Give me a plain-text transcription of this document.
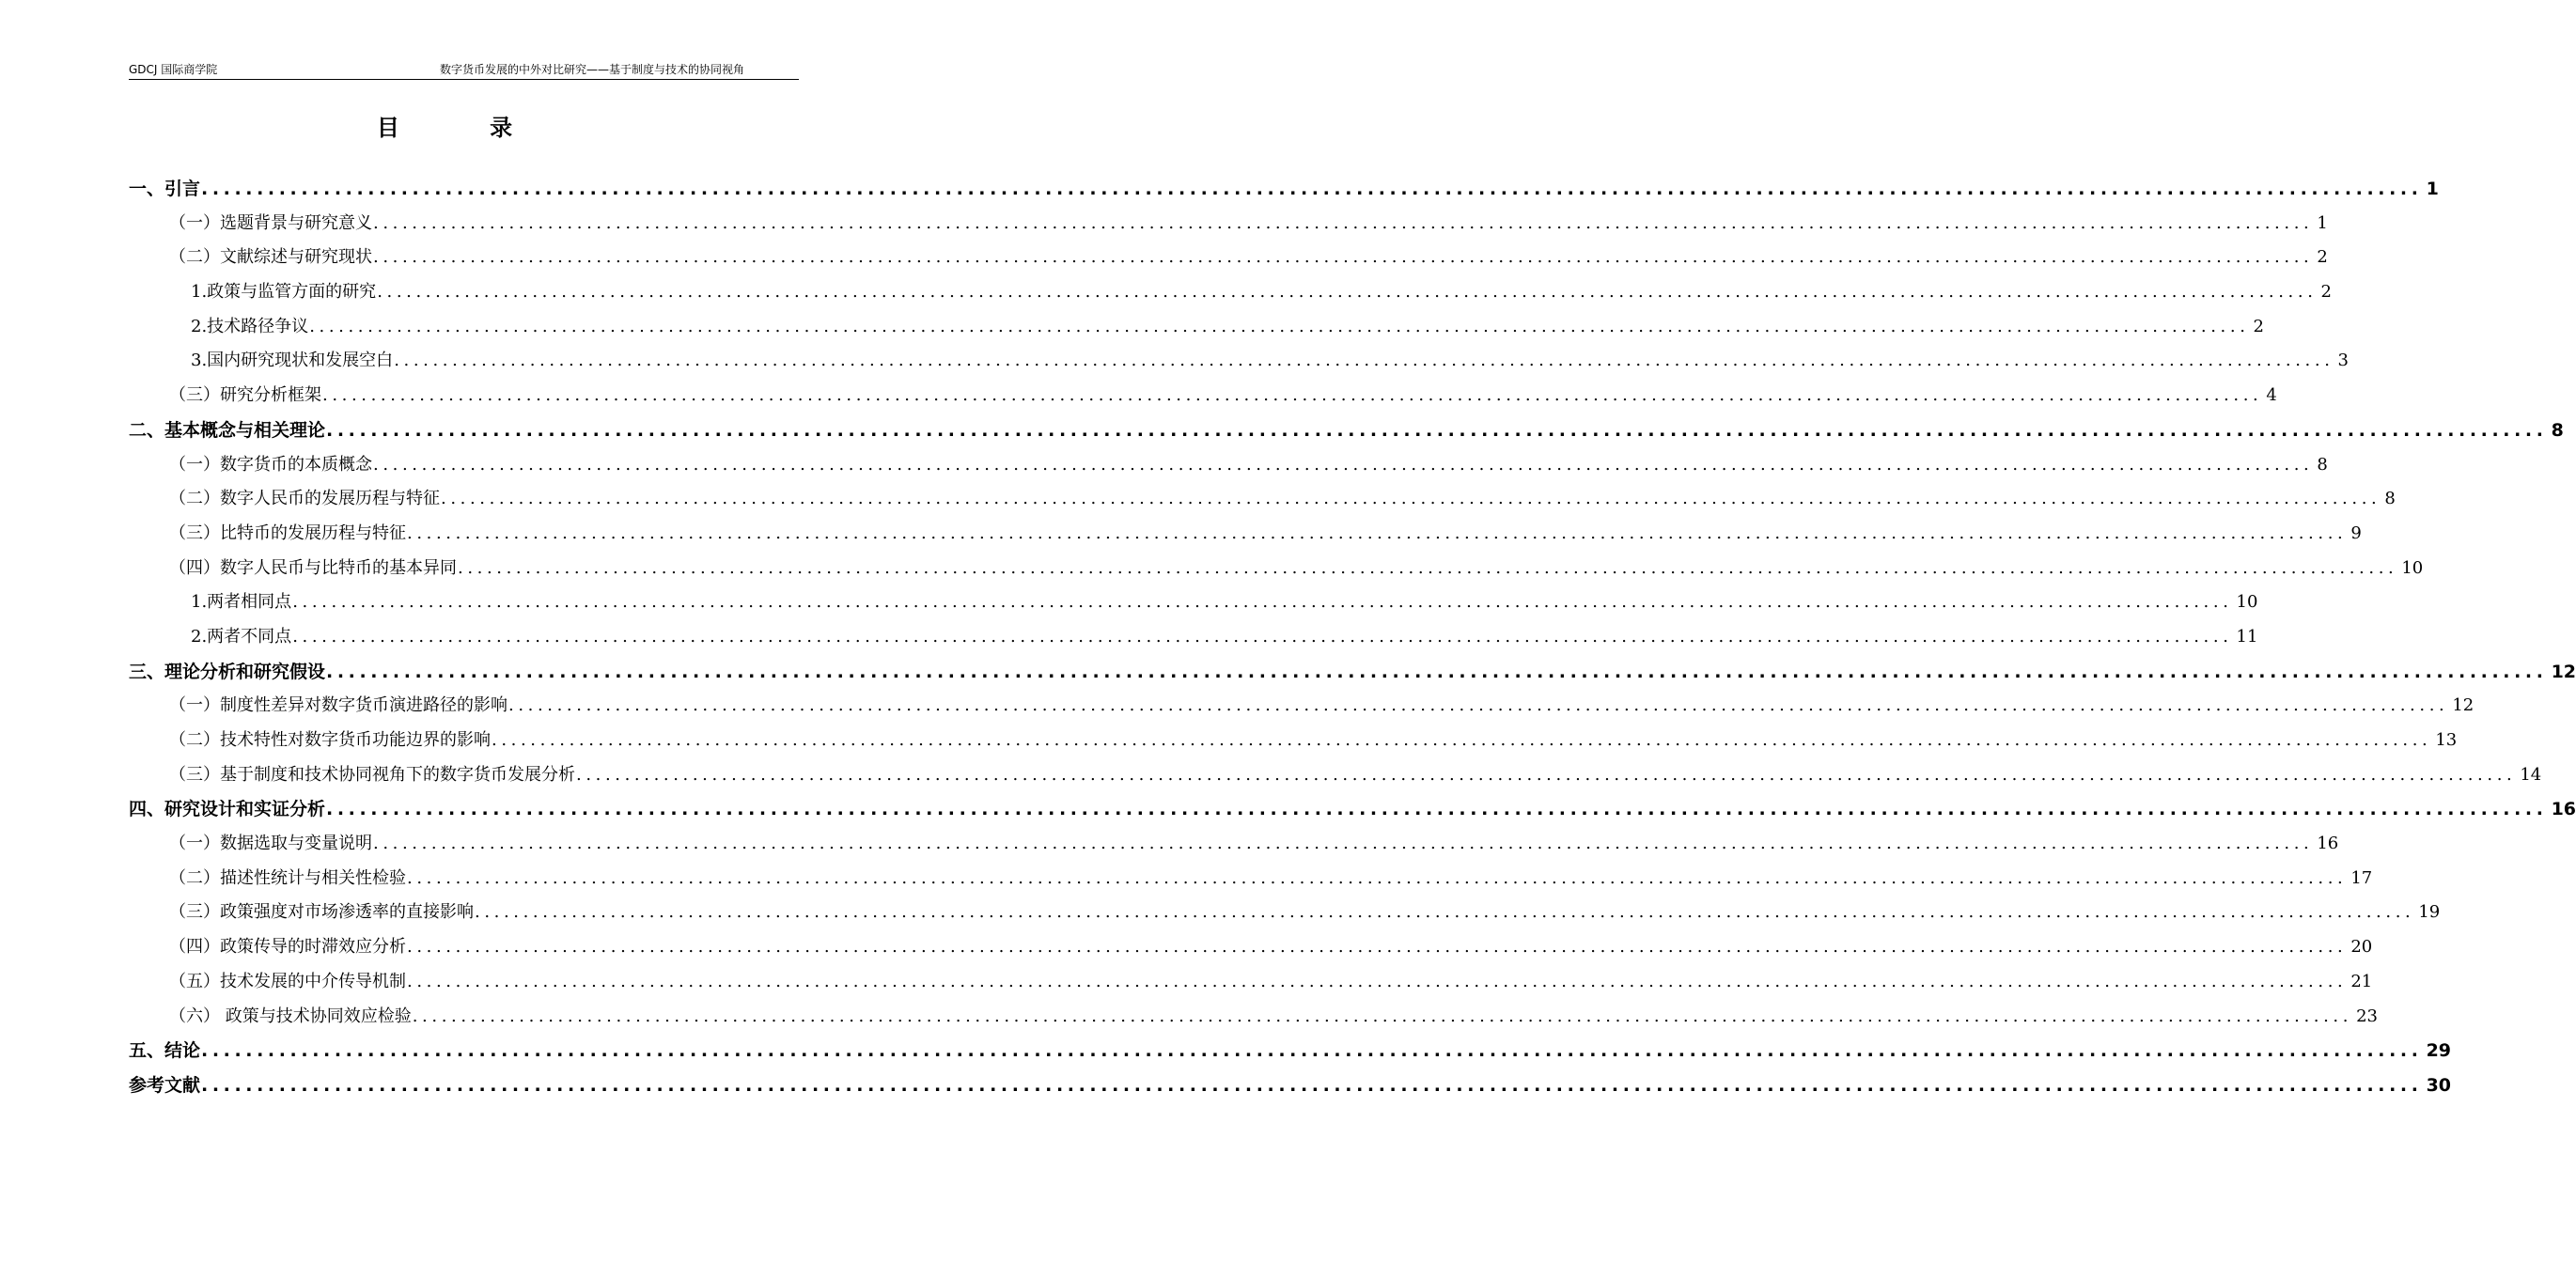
GDCJ 国际商学院	数字货币发展的中外对比研究——基于制度与技术的协同视角
目 录
一、引言 ........................................................................................................................................................................................................ 1
（一）选题背景与研究意义 ........................................................................................................................................................................................................ 1
（二）文献综述与研究现状 ........................................................................................................................................................................................................ 2
1.政策与监管方面的研究 ........................................................................................................................................................................................................ 2
2.技术路径争议 ........................................................................................................................................................................................................ 2
3.国内研究现状和发展空白 ........................................................................................................................................................................................................ 3
（三）研究分析框架 ........................................................................................................................................................................................................ 4
二、基本概念与相关理论 ........................................................................................................................................................................................................ 8
（一）数字货币的本质概念 ........................................................................................................................................................................................................ 8
（二）数字人民币的发展历程与特征 ........................................................................................................................................................................................................ 8
（三）比特币的发展历程与特征 ........................................................................................................................................................................................................ 9
（四）数字人民币与比特币的基本异同 ........................................................................................................................................................................................................ 10
1.两者相同点 ........................................................................................................................................................................................................ 10
2.两者不同点 ........................................................................................................................................................................................................ 11
三、理论分析和研究假设 ........................................................................................................................................................................................................ 12
（一）制度性差异对数字货币演进路径的影响 ........................................................................................................................................................................................................ 12
（二）技术特性对数字货币功能边界的影响 ........................................................................................................................................................................................................ 13
（三）基于制度和技术协同视角下的数字货币发展分析 ........................................................................................................................................................................................................ 14
四、研究设计和实证分析 ........................................................................................................................................................................................................ 16
（一）数据选取与变量说明 ........................................................................................................................................................................................................ 16
（二）描述性统计与相关性检验 ........................................................................................................................................................................................................ 17
（三）政策强度对市场渗透率的直接影响 ........................................................................................................................................................................................................ 19
（四）政策传导的时滞效应分析 ........................................................................................................................................................................................................ 20
（五）技术发展的中介传导机制 ........................................................................................................................................................................................................ 21
（六） 政策与技术协同效应检验 ........................................................................................................................................................................................................ 23
五、结论 ........................................................................................................................................................................................................ 29
参考文献 ........................................................................................................................................................................................................ 30
